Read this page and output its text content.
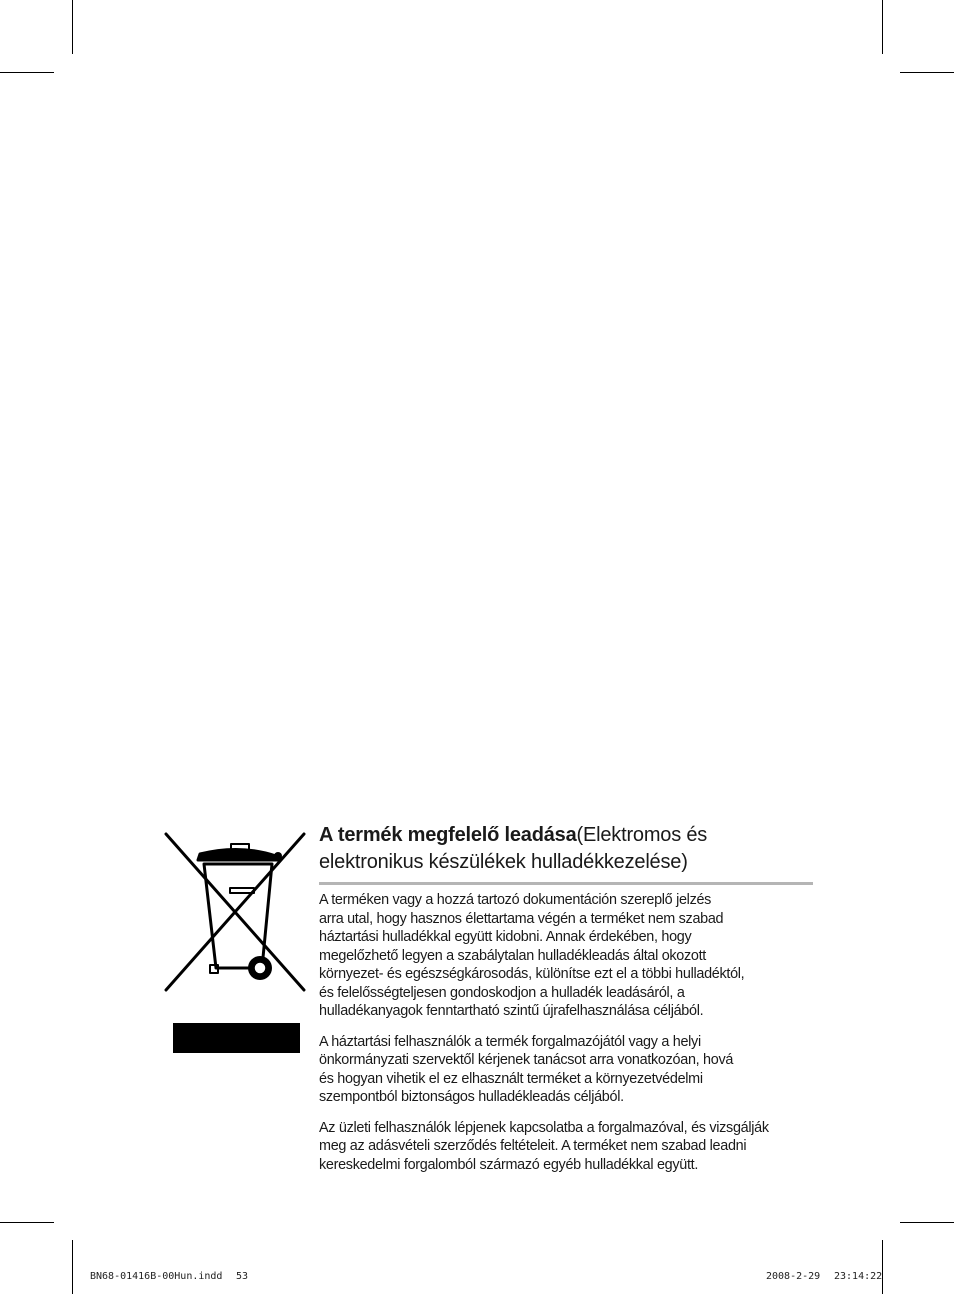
A termék megfelelő leadása(Elektromos és
elektronikus készülékek hulladékkezelése)

A terméken vagy a hozzá tartozó dokumentáción szereplő jelzés
arra utal, hogy hasznos élettartama végén a terméket nem szabad
háztartási hulladékkal együtt kidobni. Annak érdekében, hogy
megelőzhető legyen a szabálytalan hulladékleadás által okozott
környezet- és egészségkárosodás, különítse ezt el a többi hulladéktól,
és felelősségteljesen gondoskodjon a hulladék leadásáról, a
hulladékanyagok fenntartható szintű újrafelhasználása céljából.

A háztartási felhasználók a termék forgalmazójától vagy a helyi
önkormányzati szervektől kérjenek tanácsot arra vonatkozóan, hová
és hogyan vihetik el ez elhasznált terméket a környezetvédelmi
szempontból biztonságos hulladékleadás céljából.

Az üzleti felhasználók lépjenek kapcsolatba a forgalmazóval, és vizsgálják
meg az adásvételi szerződés feltételeit. A terméket nem szabad leadni
kereskedelmi forgalomból származó egyéb hulladékkal együtt.

BN68-01416B-00Hun.indd 53	2008-2-29 23:14:22
